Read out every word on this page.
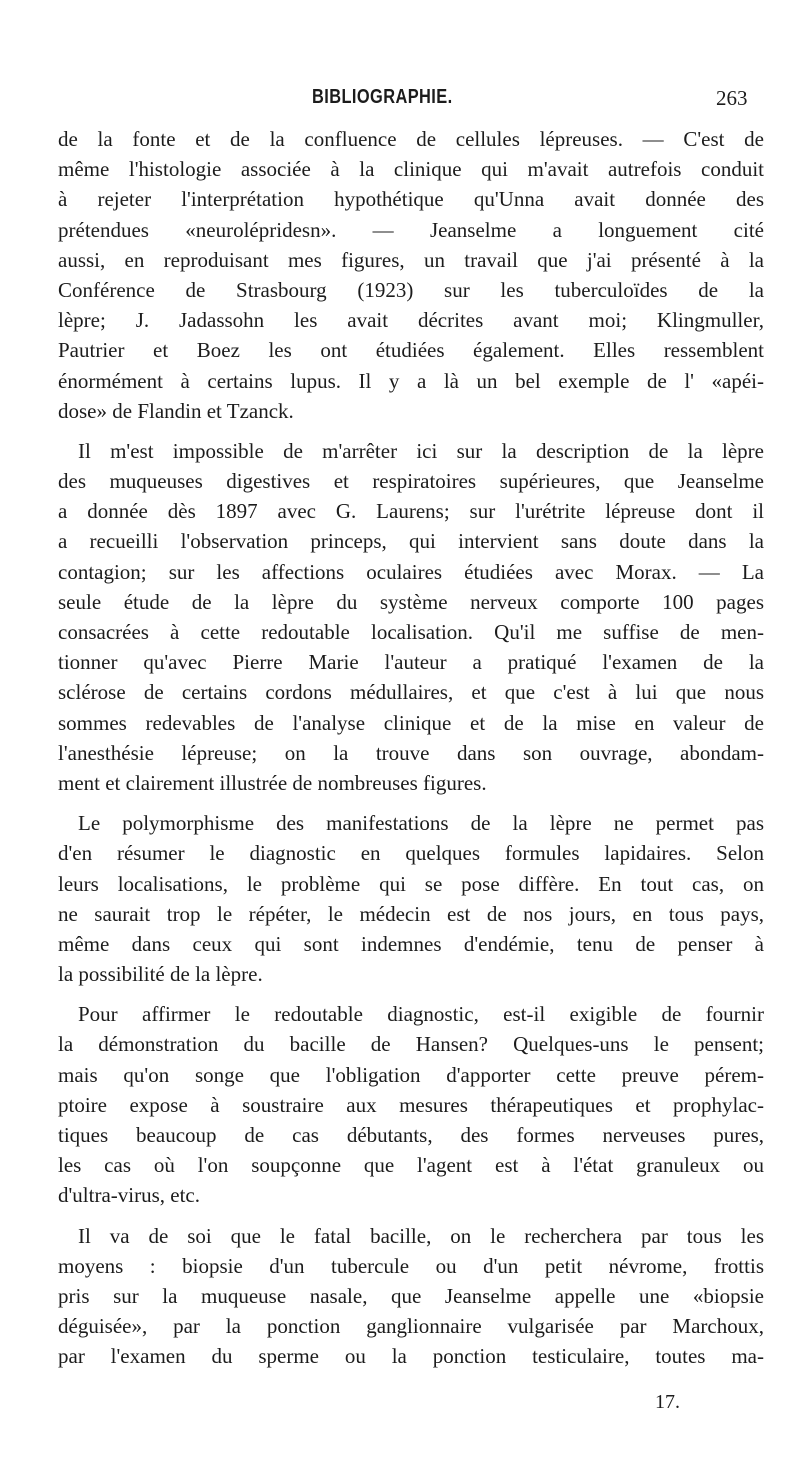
BIBLIOGRAPHIE.	263
de la fonte et de la confluence de cellules lépreuses. — C'est de
même l'histologie associée à la clinique qui m'avait autrefois conduit
à rejeter l'interprétation hypothétique qu'Unna avait donnée des
prétendues «neurolépridesn». — Jeanselme a longuement cité
aussi, en reproduisant mes figures, un travail que j'ai présenté à la
Conférence de Strasbourg (1923) sur les tuberculoïdes de la
lèpre; J. Jadassohn les avait décrites avant moi; Klingmuller,
Pautrier et Boez les ont étudiées également. Elles ressemblent
énormément à certains lupus. Il y a là un bel exemple de l' «apéi-
dose» de Flandin et Tzanck.
Il m'est impossible de m'arrêter ici sur la description de la lèpre
des muqueuses digestives et respiratoires supérieures, que Jeanselme
a donnée dès 1897 avec G. Laurens; sur l'urétrite lépreuse dont il
a recueilli l'observation princeps, qui intervient sans doute dans la
contagion; sur les affections oculaires étudiées avec Morax. — La
seule étude de la lèpre du système nerveux comporte 100 pages
consacrées à cette redoutable localisation. Qu'il me suffise de men-
tionner qu'avec Pierre Marie l'auteur a pratiqué l'examen de la
sclérose de certains cordons médullaires, et que c'est à lui que nous
sommes redevables de l'analyse clinique et de la mise en valeur de
l'anesthésie lépreuse; on la trouve dans son ouvrage, abondam-
ment et clairement illustrée de nombreuses figures.
Le polymorphisme des manifestations de la lèpre ne permet pas
d'en résumer le diagnostic en quelques formules lapidaires. Selon
leurs localisations, le problème qui se pose diffère. En tout cas, on
ne saurait trop le répéter, le médecin est de nos jours, en tous pays,
même dans ceux qui sont indemnes d'endémie, tenu de penser à
la possibilité de la lèpre.
Pour affirmer le redoutable diagnostic, est-il exigible de fournir
la démonstration du bacille de Hansen? Quelques-uns le pensent;
mais qu'on songe que l'obligation d'apporter cette preuve pérem-
ptoire expose à soustraire aux mesures thérapeutiques et prophylac-
tiques beaucoup de cas débutants, des formes nerveuses pures,
les cas où l'on soupçonne que l'agent est à l'état granuleux ou
d'ultra-virus, etc.
Il va de soi que le fatal bacille, on le recherchera par tous les
moyens : biopsie d'un tubercule ou d'un petit névrome, frottis
pris sur la muqueuse nasale, que Jeanselme appelle une «biopsie
déguisée», par la ponction ganglionnaire vulgarisée par Marchoux,
par l'examen du sperme ou la ponction testiculaire, toutes ma-
17.
